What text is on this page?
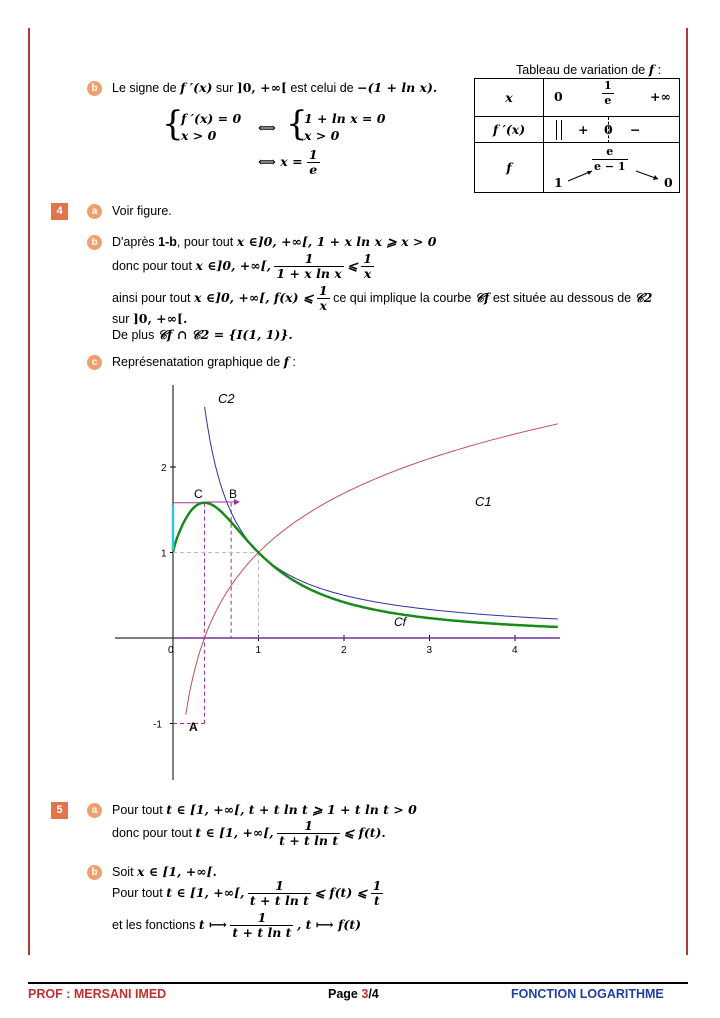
Tableau de variation de f :
x	$0 \frac{1}{e}$ +∞

f ′(x)	+ 0 −

f	$\frac{e}{e - 1}$
1 0
b	Le signe de f ′(x) sur ]0, +∞[ est celui de −(1 + ln x).
{
f ′(x) = 0
x > 0
⟺ {
1 + ln x = 0
x > 0
⟺ $x = \frac{1}{e}$
4	a	Voir figure.
b	D'après 1-b, pour tout x ∈]0, +∞[, 1 + x ln x ⩾ x > 0
donc pour tout x ∈]0, +∞[, $\frac{1}{\text{1 + x ln x}}$ ⩽ $\frac{1}{x}$
ainsi pour tout x ∈]0, +∞[, f(x) ⩽ $\frac{1}{x}$ ce qui implique la courbe 𝒞f est située au dessous de 𝒞2
sur ]0, +∞[.
De plus 𝒞f ∩ 𝒞2 = {I(1, 1)}.
c	Représenatation graphique de f :
0	1	2	3	4
2
1
-1
C2
C1
Cf
C B
A
5	a	Pour tout t ∈ [1, +∞[, t + t ln t ⩾ 1 + t ln t > 0
donc pour tout t ∈ [1, +∞[, $\frac{1}{\text{t + t ln t}}$ ⩽ f(t).
b	Soit x ∈ [1, +∞[.
Pour tout t ∈ [1, +∞[, $\frac{1}{\text{t + t ln t}}$ ⩽ f(t) ⩽ $\frac{1}{t}$
et les fonctions t ⟼ $\frac{1}{\text{t + t ln t}}$ , t ⟼ f(t)
PROF : MERSANI IMED	Page 3/4	FONCTION LOGARITHME
